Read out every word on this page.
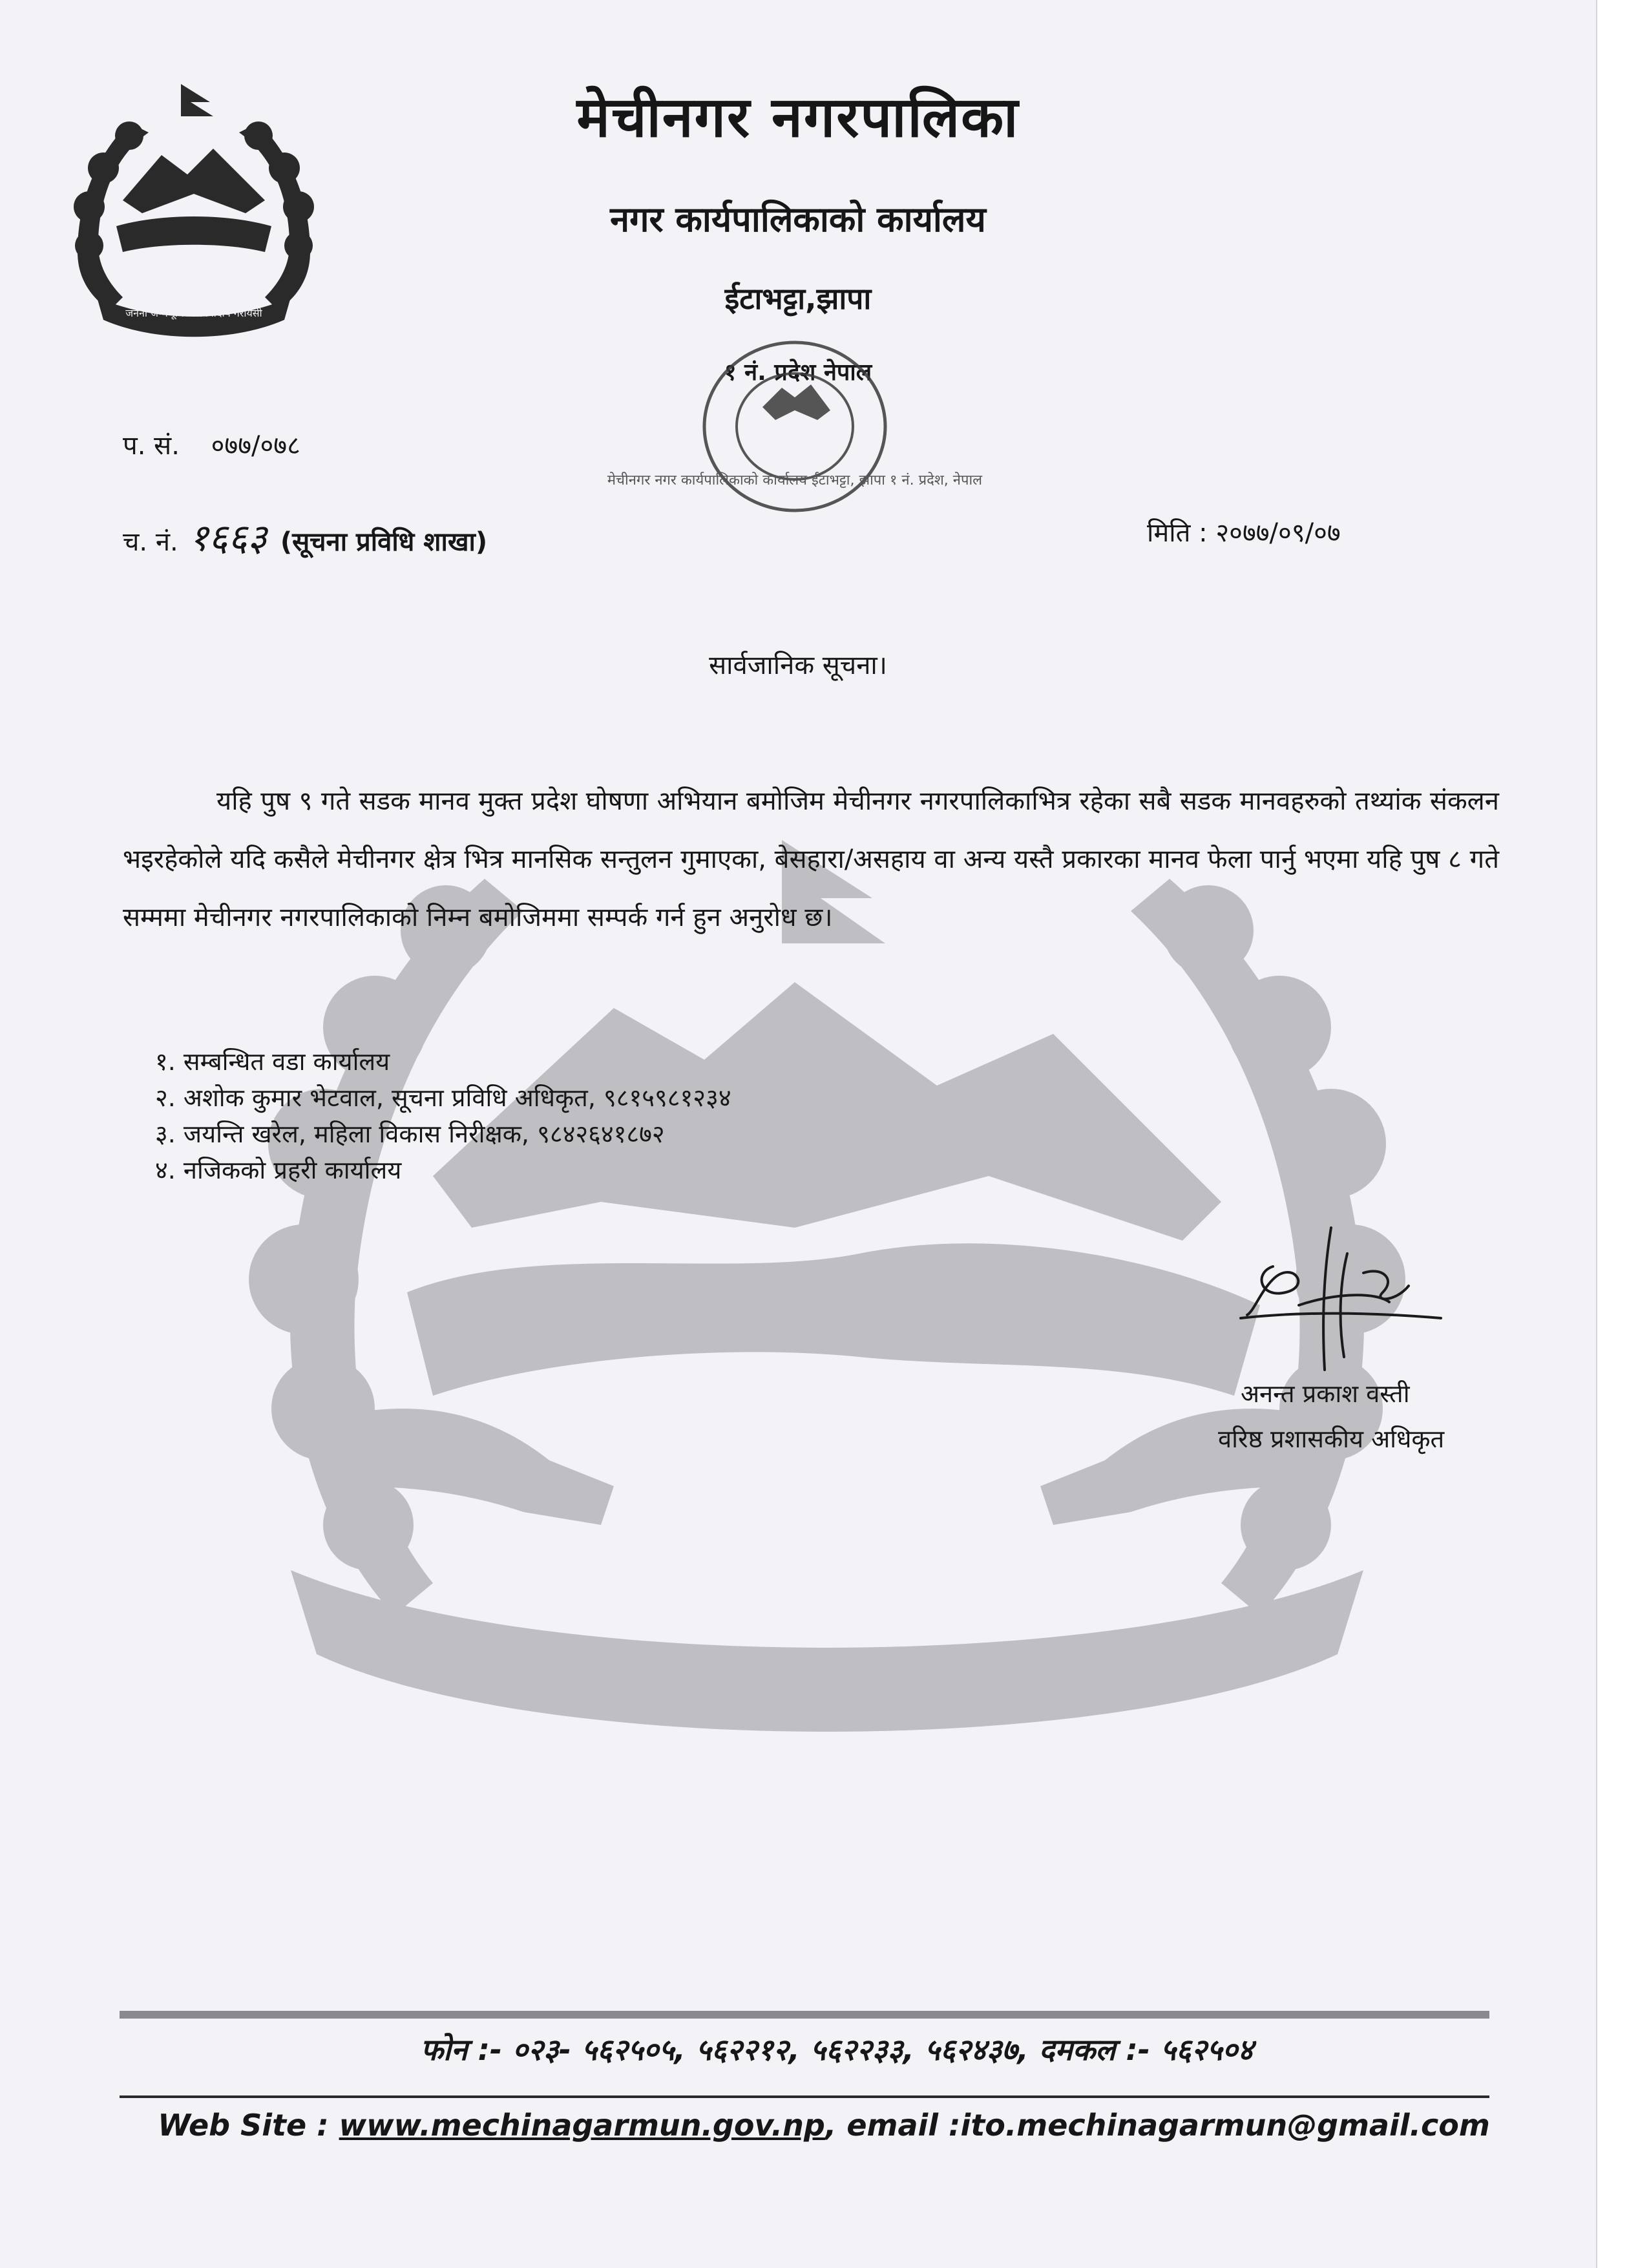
जननी जन्मभूमिश्च स्वर्गादपि गरीयसी
मेचीनगर नगरपालिका
नगर कार्यपालिकाको कार्यालय
ईटाभट्टा,झापा
१ नं. प्रदेश नेपाल
मेचीनगर नगर कार्यपालिकाको कार्यालय ईटाभट्टा, झापा १ नं. प्रदेश, नेपाल
प. सं. ०७७/०७८
च. नं. १६६३ (सूचना प्रविधि शाखा)	मिति : २०७७/०९/०७
सार्वजानिक सूचना।

यहि पुष ९ गते सडक मानव मुक्त प्रदेश घोषणा अभियान बमोजिम मेचीनगर नगरपालिकाभित्र रहेका सबै सडक मानवहरुको तथ्यांक संकलन भइरहेकोले यदि कसैले मेचीनगर क्षेत्र भित्र मानसिक सन्तुलन गुमाएका, बेसहारा/असहाय वा अन्य यस्तै प्रकारका मानव फेला पार्नु भएमा यहि पुष ८ गते सम्ममा मेचीनगर नगरपालिकाको निम्न बमोजिममा सम्पर्क गर्न हुन अनुरोध छ।

१. सम्बन्धित वडा कार्यालय
२. अशोक कुमार भेटवाल, सूचना प्रविधि अधिकृत, ९८१५९८१२३४
३. जयन्ति खरेल, महिला विकास निरीक्षक, ९८४२६४१८७२
४. नजिकको प्रहरी कार्यालय
अनन्त प्रकाश वस्ती
वरिष्ठ प्रशासकीय अधिकृत
फोन :- ०२३- ५६२५०५, ५६२२१२, ५६२२३३, ५६२४३७, दमकल :- ५६२५०४
Web Site : www.mechinagarmun.gov.np, email :ito.mechinagarmun@gmail.com
